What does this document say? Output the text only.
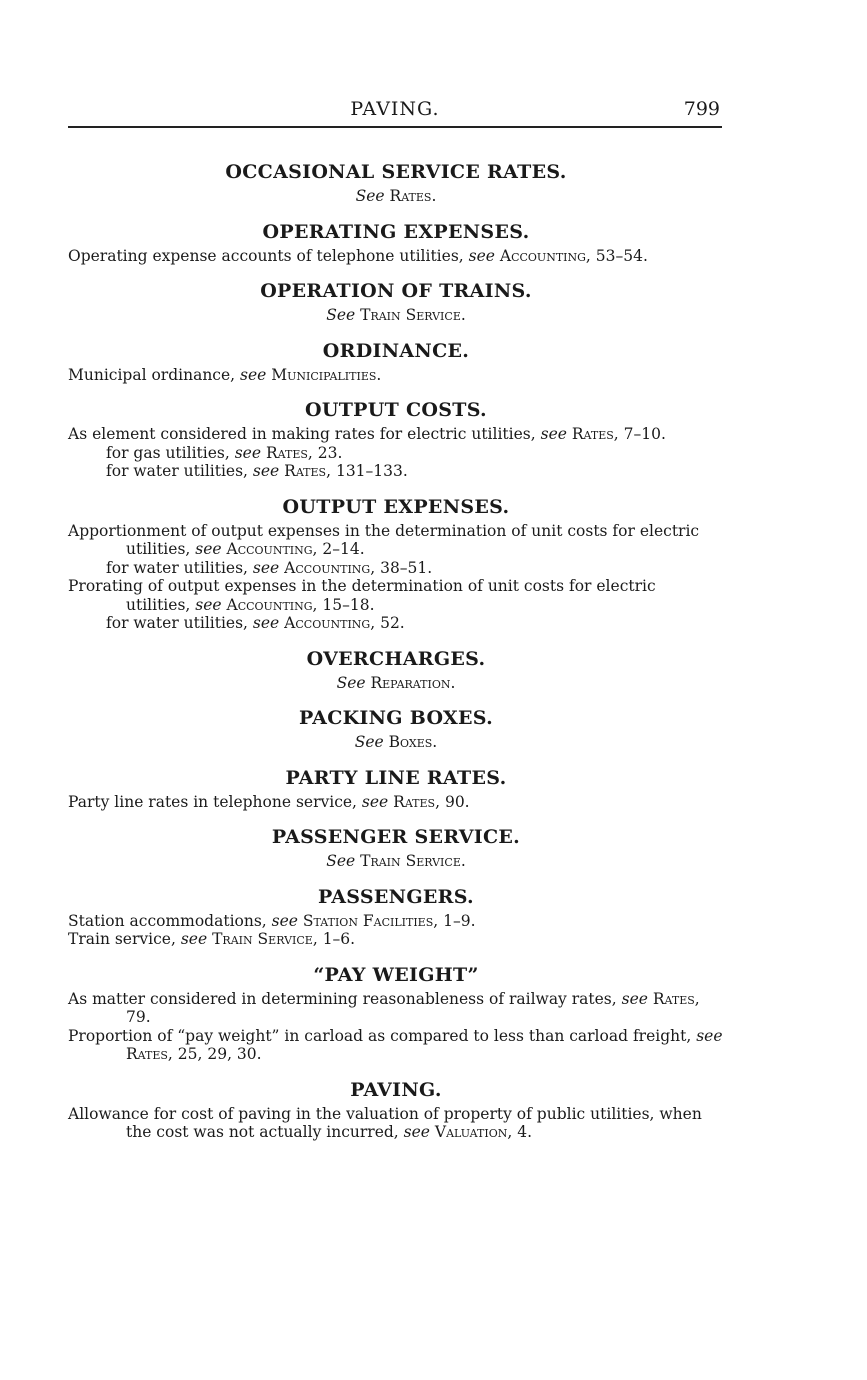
PAVING.	799
OCCASIONAL SERVICE RATES.
See Rates.
OPERATING EXPENSES.
Operating expense accounts of telephone utilities, see Accounting, 53–54.
OPERATION OF TRAINS.
See Train Service.
ORDINANCE.
Municipal ordinance, see Municipalities.
OUTPUT COSTS.
As element considered in making rates for electric utilities, see Rates, 7–10.
for gas utilities, see Rates, 23.
for water utilities, see Rates, 131–133.
OUTPUT EXPENSES.
Apportionment of output expenses in the determination of unit costs for electric utilities, see Accounting, 2–14.
for water utilities, see Accounting, 38–51.
Prorating of output expenses in the determination of unit costs for electric utilities, see Accounting, 15–18.
for water utilities, see Accounting, 52.
OVERCHARGES.
See Reparation.
PACKING BOXES.
See Boxes.
PARTY LINE RATES.
Party line rates in telephone service, see Rates, 90.
PASSENGER SERVICE.
See Train Service.
PASSENGERS.
Station accommodations, see Station Facilities, 1–9.
Train service, see Train Service, 1–6.
“PAY WEIGHT”
As matter considered in determining reasonableness of railway rates, see Rates, 79.
Proportion of “pay weight” in carload as compared to less than carload freight, see Rates, 25, 29, 30.
PAVING.
Allowance for cost of paving in the valuation of property of public utilities, when the cost was not actually incurred, see Valuation, 4.
